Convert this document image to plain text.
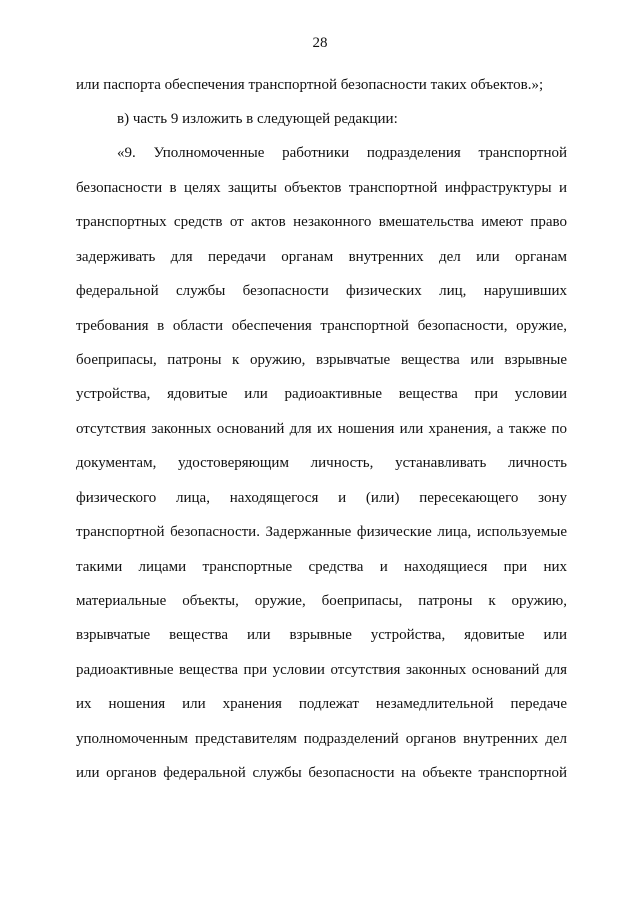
28
или паспорта обеспечения транспортной безопасности таких объектов.»;
в) часть 9 изложить в следующей редакции:
«9. Уполномоченные работники подразделения транспортной
безопасности в целях защиты объектов транспортной инфраструктуры и
транспортных средств от актов незаконного вмешательства имеют право
задерживать для передачи органам внутренних дел или органам
федеральной службы безопасности физических лиц, нарушивших
требования в области обеспечения транспортной безопасности, оружие,
боеприпасы, патроны к оружию, взрывчатые вещества или взрывные
устройства, ядовитые или радиоактивные вещества при условии
отсутствия законных оснований для их ношения или хранения, а также по
документам, удостоверяющим личность, устанавливать личность
физического лица, находящегося и (или) пересекающего зону
транспортной безопасности. Задержанные физические лица, используемые
такими лицами транспортные средства и находящиеся при них
материальные объекты, оружие, боеприпасы, патроны к оружию,
взрывчатые вещества или взрывные устройства, ядовитые или
радиоактивные вещества при условии отсутствия законных оснований для
их ношения или хранения подлежат незамедлительной передаче
уполномоченным представителям подразделений органов внутренних дел
или органов федеральной службы безопасности на объекте транспортной
